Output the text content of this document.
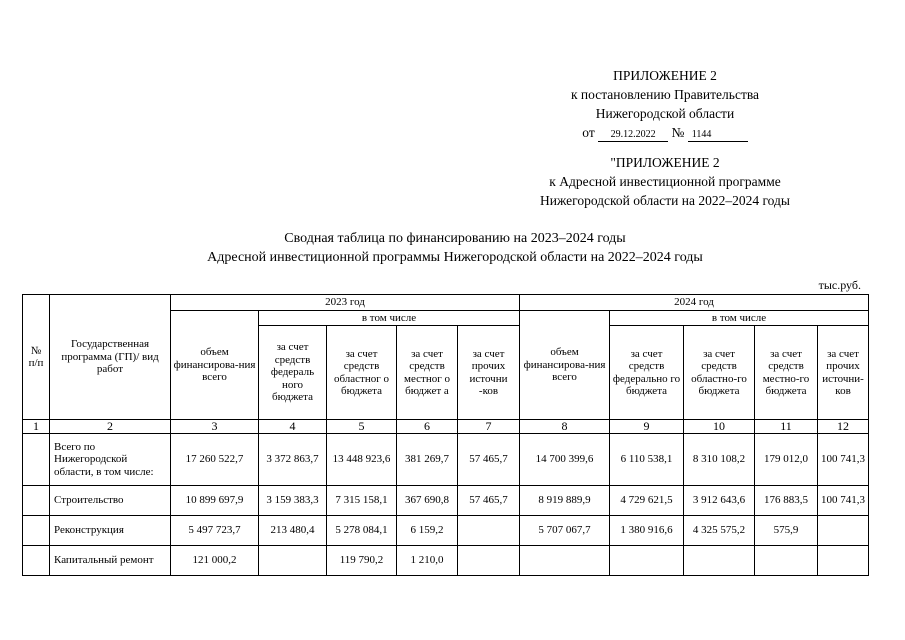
ПРИЛОЖЕНИЕ 2
к постановлению Правительства
Нижегородской области
от 29.12.2022 № 1144
"ПРИЛОЖЕНИЕ 2
к Адресной инвестиционной программе
Нижегородской области на 2022–2024 годы
Сводная таблица по финансированию на 2023–2024 годы
Адресной инвестиционной программы Нижегородской области на 2022–2024 годы
тыс.руб.
№ п/п	Государственная программа (ГП)/ вид работ	2023 год					2024 год				
		объем финансирова-ния всего	в том числе				объем финансирова-ния всего	в том числе			
			за счет средств федераль ного бюджета	за счет средств областног о бюджета	за счет средств местног о бюджет а	за счет прочих источни -ков		за счет средств федерально го бюджета	за счет средств областно-го бюджета	за счет средств местно-го бюджета	за счет прочих источни-ков
1	2	3	4	5	6	7	8	9	10	11	12
	Всего по Нижегородской области, в том числе:	17 260 522,7	3 372 863,7	13 448 923,6	381 269,7	57 465,7	14 700 399,6	6 110 538,1	8 310 108,2	179 012,0	100 741,3
	Строительство	10 899 697,9	3 159 383,3	7 315 158,1	367 690,8	57 465,7	8 919 889,9	4 729 621,5	3 912 643,6	176 883,5	100 741,3
	Реконструкция	5 497 723,7	213 480,4	5 278 084,1	6 159,2		5 707 067,7	1 380 916,6	4 325 575,2	575,9	
	Капитальный ремонт	121 000,2		119 790,2	1 210,0						
